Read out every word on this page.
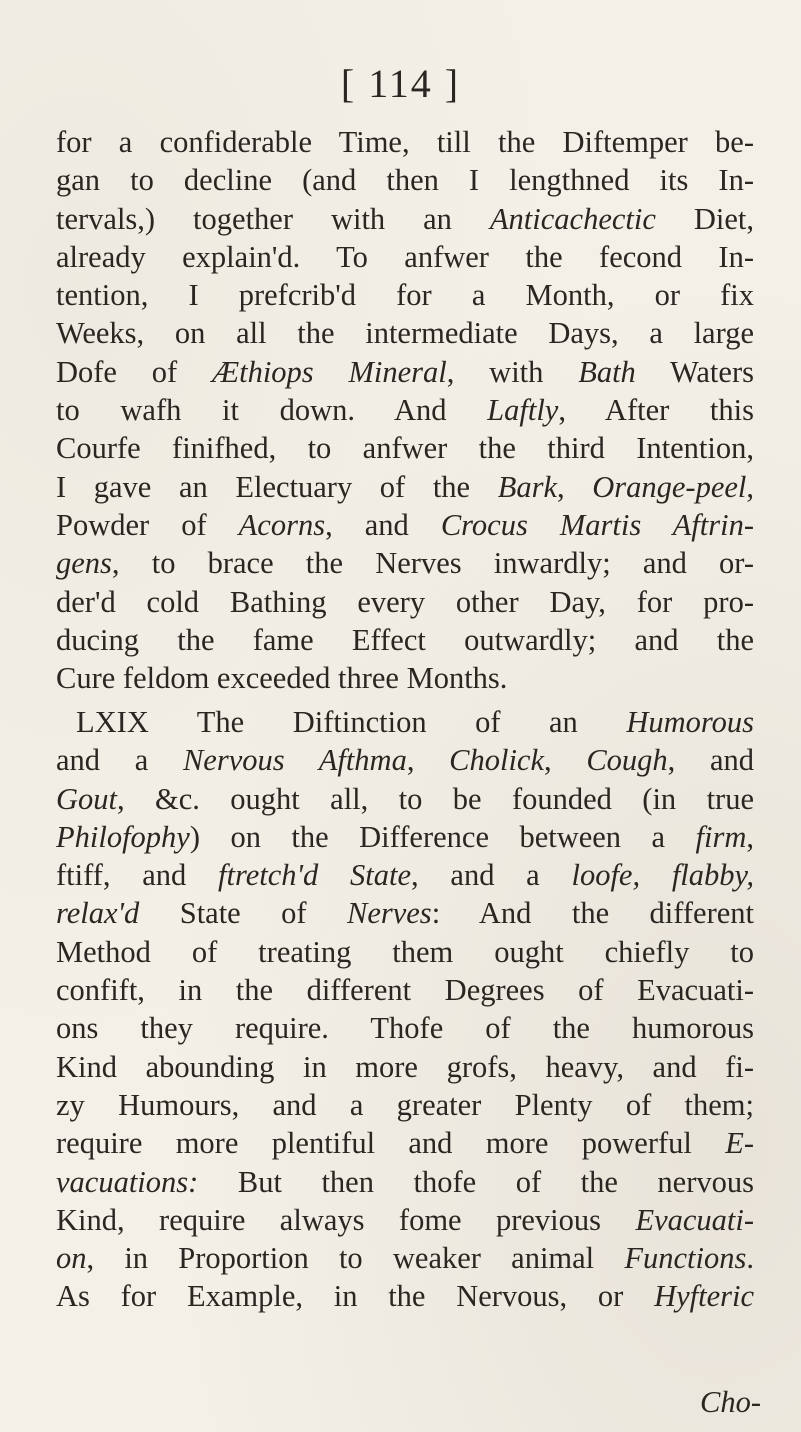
[ 114 ]
for a confiderable Time, till the Diftemper be-
gan to decline (and then I lengthned its In-
tervals,) together with an Anticachectic Diet,
already explain'd. To anfwer the fecond In-
tention, I prefcrib'd for a Month, or fix
Weeks, on all the intermediate Days, a large
Dofe of Æthiops Mineral, with Bath Waters
to wafh it down. And Laftly, After this
Courfe finifhed, to anfwer the third Intention,
I gave an Electuary of the Bark, Orange-peel,
Powder of Acorns, and Crocus Martis Aftrin-
gens, to brace the Nerves inwardly; and or-
der'd cold Bathing every other Day, for pro-
ducing the fame Effect outwardly; and the
Cure feldom exceeded three Months.
LXIX The Diftinction of an Humorous
and a Nervous Afthma, Cholick, Cough, and
Gout, &c. ought all, to be founded (in true
Philofophy) on the Difference between a firm,
ftiff, and ftretch'd State, and a loofe, flabby,
relax'd State of Nerves: And the different
Method of treating them ought chiefly to
confift, in the different Degrees of Evacuati-
ons they require. Thofe of the humorous
Kind abounding in more grofs, heavy, and fi-
zy Humours, and a greater Plenty of them;
require more plentiful and more powerful E-
vacuations: But then thofe of the nervous
Kind, require always fome previous Evacuati-
on, in Proportion to weaker animal Functions.
As for Example, in the Nervous, or Hyfteric
Cho-
